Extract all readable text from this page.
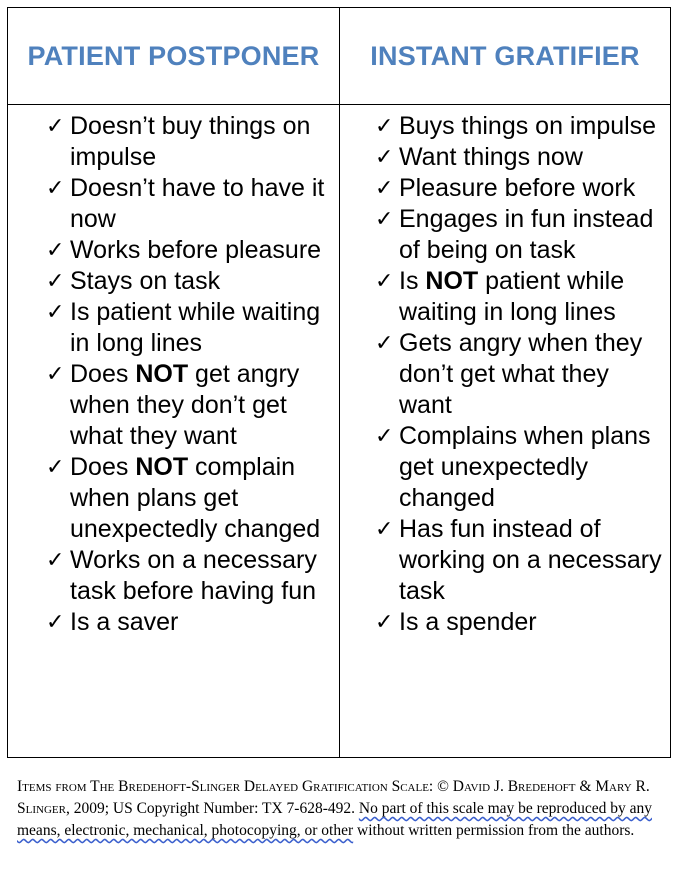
PATIENT POSTPONER	INSTANT GRATIFIER
✓ Doesn’t buy things on impulse
✓ Doesn’t have to have it now
✓ Works before pleasure
✓ Stays on task
✓ Is patient while waiting in long lines
✓ Does NOT get angry when they don’t get what they want
✓ Does NOT complain when plans get unexpectedly changed
✓ Works on a necessary task before having fun
✓ Is a saver
✓ Buys things on impulse
✓ Want things now
✓ Pleasure before work
✓ Engages in fun instead of being on task
✓ Is NOT patient while waiting in long lines
✓ Gets angry when they don’t get what they want
✓ Complains when plans get unexpectedly changed
✓ Has fun instead of working on a necessary task
✓ Is a spender
Items from The Bredehoft-Slinger Delayed Gratification Scale: © David J. Bredehoft & Mary R. Slinger, 2009; US Copyright Number: TX 7-628-492. No part of this scale may be reproduced by any means, electronic, mechanical, photocopying, or other without written permission from the authors.
